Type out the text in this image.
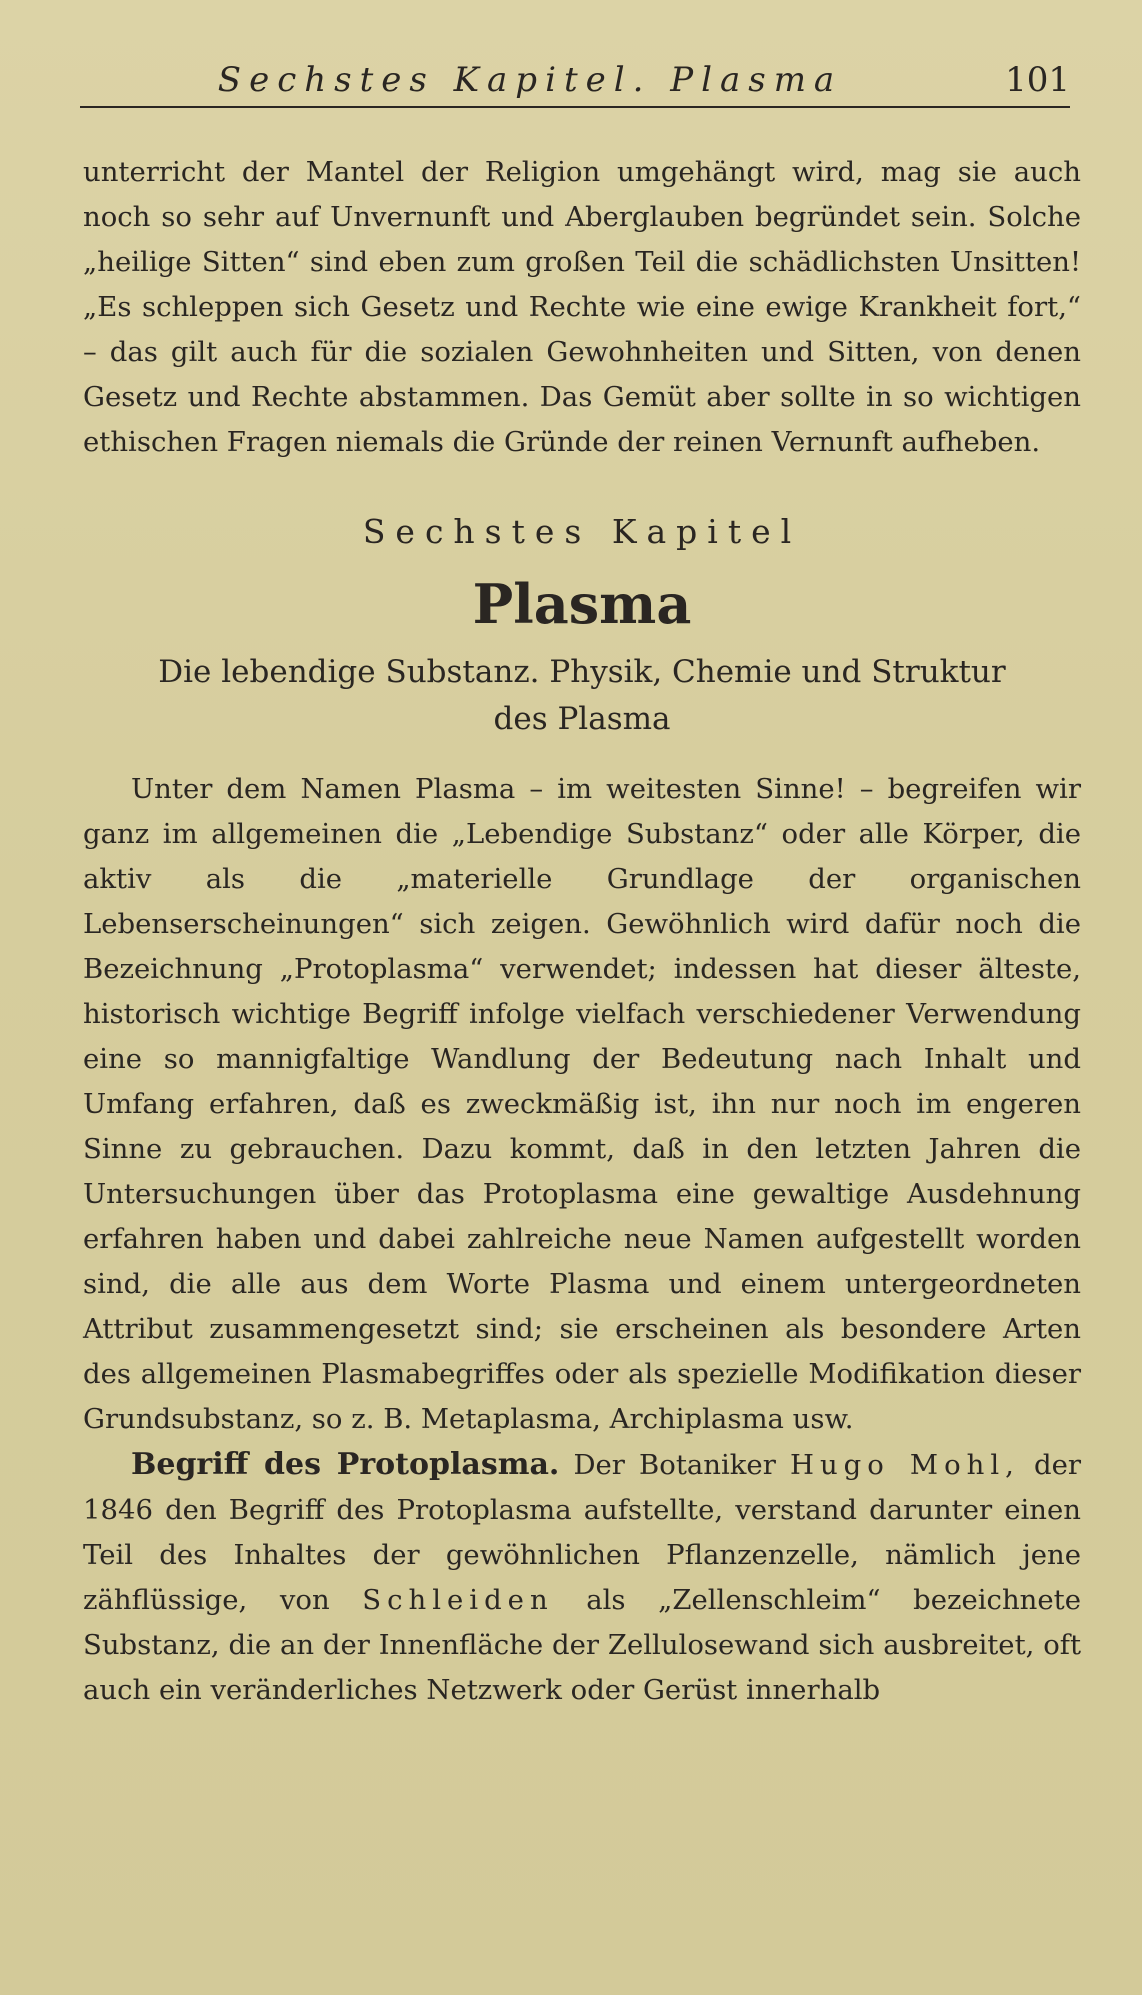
Sechstes Kapitel. Plasma	101

unterricht der Mantel der Religion umgehängt wird, mag sie auch noch so sehr auf Unvernunft und Aberglauben begründet sein. Solche „heilige Sitten“ sind eben zum großen Teil die schädlichsten Unsitten! „Es schleppen sich Gesetz und Rechte wie eine ewige Krankheit fort,“ – das gilt auch für die sozialen Gewohnheiten und Sitten, von denen Gesetz und Rechte abstammen. Das Gemüt aber sollte in so wichtigen ethischen Fragen niemals die Gründe der reinen Vernunft aufheben.

Sechstes Kapitel

Plasma

Die lebendige Substanz. Physik, Chemie und Struktur des Plasma

Unter dem Namen Plasma – im weitesten Sinne! – begreifen wir ganz im allgemeinen die „Lebendige Substanz“ oder alle Körper, die aktiv als die „materielle Grundlage der organischen Lebenserscheinungen“ sich zeigen. Gewöhnlich wird dafür noch die Bezeichnung „Protoplasma“ verwendet; indessen hat dieser älteste, historisch wichtige Begriff infolge vielfach verschiedener Verwendung eine so mannigfaltige Wandlung der Bedeutung nach Inhalt und Umfang erfahren, daß es zweckmäßig ist, ihn nur noch im engeren Sinne zu gebrauchen. Dazu kommt, daß in den letzten Jahren die Untersuchungen über das Protoplasma eine gewaltige Ausdehnung erfahren haben und dabei zahlreiche neue Namen aufgestellt worden sind, die alle aus dem Worte Plasma und einem untergeordneten Attribut zusammengesetzt sind; sie erscheinen als besondere Arten des allgemeinen Plasmabegriffes oder als spezielle Modifikation dieser Grundsubstanz, so z. B. Metaplasma, Archiplasma usw.

Begriff des Protoplasma. Der Botaniker Hugo Mohl, der 1846 den Begriff des Protoplasma aufstellte, verstand darunter einen Teil des Inhaltes der gewöhnlichen Pflanzenzelle, nämlich jene zähflüssige, von Schleiden als „Zellenschleim“ bezeichnete Substanz, die an der Innenfläche der Zellulosewand sich ausbreitet, oft auch ein veränderliches Netzwerk oder Gerüst innerhalb
